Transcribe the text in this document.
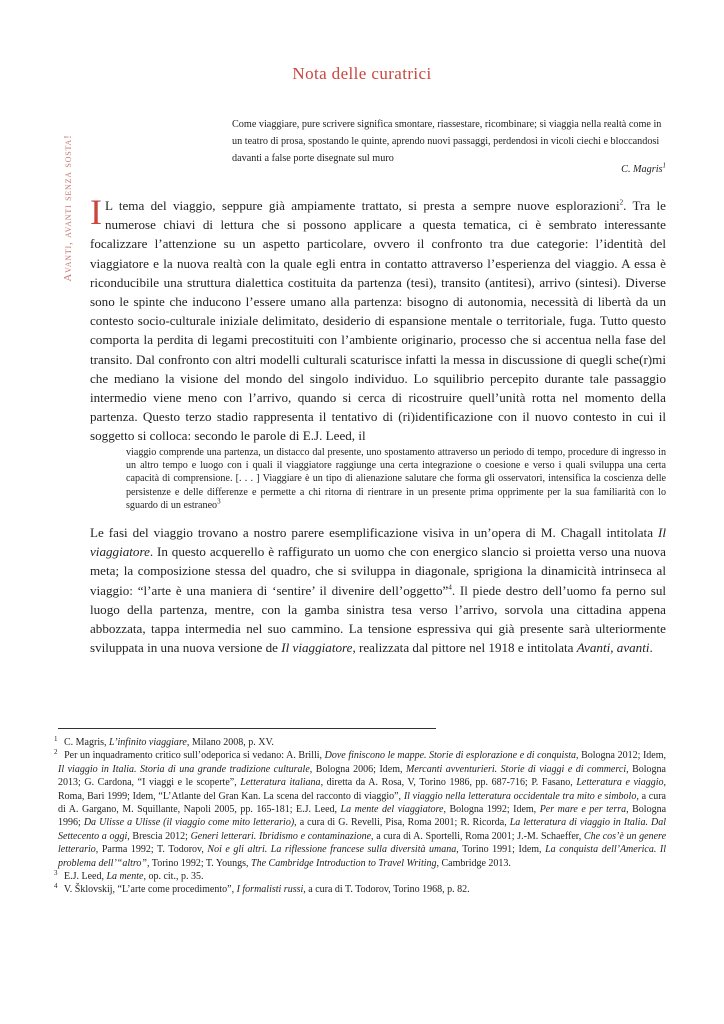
Nota delle curatrici
Avanti, avanti senza sosta!

Come viaggiare, pure scrivere significa smontare, riassestare, ricombinare; si viaggia nella realtà come in un teatro di prosa, spostando le quinte, aprendo nuovi passaggi, perdendosi in vicoli ciechi e bloccandosi davanti a false porte disegnate sul muro

C. Magris$^1$

I L tema del viaggio, seppure già ampiamente trattato, si presta a sempre nuove esplorazioni$^2$. Tra le numerose chiavi di lettura che si possono applicare a questa tematica, ci è sembrato interessante focalizzare l’attenzione su un aspetto particolare, ovvero il confronto tra due categorie: l’identità del viaggiatore e la nuova realtà con la quale egli entra in contatto attraverso l’esperienza del viaggio. A essa è riconducibile una struttura dialettica costituita da partenza (tesi), transito (antitesi), arrivo (sintesi). Diverse sono le spinte che inducono l’essere umano alla partenza: bisogno di autonomia, necessità di libertà da un contesto socio-culturale iniziale delimitato, desiderio di espansione mentale o territoriale, fuga. Tutto questo comporta la perdita di legami precostituiti con l’ambiente originario, processo che si accentua nella fase del transito. Dal confronto con altri modelli culturali scaturisce infatti la messa in discussione di quegli sche(r)mi che mediano la visione del mondo del singolo individuo. Lo squilibrio percepito durante tale passaggio intermedio viene meno con l’arrivo, quando si cerca di ricostruire quell’unità rotta nel momento della partenza. Questo terzo stadio rappresenta il tentativo di (ri)identificazione con il nuovo contesto in cui il soggetto si colloca: secondo le parole di E.J. Leed, il

viaggio comprende una partenza, un distacco dal presente, uno spostamento attraverso un periodo di tempo, procedure di ingresso in un altro tempo e luogo con i quali il viaggiatore raggiunge una certa integrazione o coesione e verso i quali sviluppa una certa capacità di comprensione. [. . . ] Viaggiare è un tipo di alienazione salutare che forma gli osservatori, intensifica la coscienza delle persistenze e delle differenze e permette a chi ritorna di rientrare in un presente prima opprimente per la sua familiarità con lo sguardo di un estraneo$^3$

Le fasi del viaggio trovano a nostro parere esemplificazione visiva in un’opera di M. Chagall intitolata Il viaggiatore. In questo acquerello è raffigurato un uomo che con energico slancio si proietta verso una nuova meta; la composizione stessa del quadro, che si sviluppa in diagonale, sprigiona la dinamicità intrinseca al viaggio: “l’arte è una maniera di ‘sentire’ il divenire dell’oggetto”$^4$. Il piede destro dell’uomo fa perno sul luogo della partenza, mentre, con la gamba sinistra tesa verso l’arrivo, sorvola una cittadina appena abbozzata, tappa intermedia nel suo cammino. La tensione espressiva qui già presente sarà ulteriormente sviluppata in una nuova versione de Il viaggiatore, realizzata dal pittore nel 1918 e intitolata Avanti, avanti.

$^1$ C. Magris, L’infinito viaggiare, Milano 2008, p. XV.
$^2$ Per un inquadramento critico sull’odeporica si vedano: A. Brilli, Dove finiscono le mappe. Storie di esplorazione e di conquista, Bologna 2012; Idem, Il viaggio in Italia. Storia di una grande tradizione culturale, Bologna 2006; Idem, Mercanti avventurieri. Storie di viaggi e di commerci, Bologna 2013; G. Cardona, “I viaggi e le scoperte”, Letteratura italiana, diretta da A. Rosa, V, Torino 1986, pp. 687-716; P. Fasano, Letteratura e viaggio, Roma, Bari 1999; Idem, “L’Atlante del Gran Kan. La scena del racconto di viaggio”, Il viaggio nella letteratura occidentale tra mito e simbolo, a cura di A. Gargano, M. Squillante, Napoli 2005, pp. 165-181; E.J. Leed, La mente del viaggiatore, Bologna 1992; Idem, Per mare e per terra, Bologna 1996; Da Ulisse a Ulisse (il viaggio come mito letterario), a cura di G. Revelli, Pisa, Roma 2001; R. Ricorda, La letteratura di viaggio in Italia. Dal Settecento a oggi, Brescia 2012; Generi letterari. Ibridismo e contaminazione, a cura di A. Sportelli, Roma 2001; J.-M. Schaeffer, Che cos’è un genere letterario, Parma 1992; T. Todorov, Noi e gli altri. La riflessione francese sulla diversità umana, Torino 1991; Idem, La conquista dell’America. Il problema dell’“altro”, Torino 1992; T. Youngs, The Cambridge Introduction to Travel Writing, Cambridge 2013.
$^3$ E.J. Leed, La mente, op. cit., p. 35.
$^4$ V. Šklovskij, “L’arte come procedimento”, I formalisti russi, a cura di T. Todorov, Torino 1968, p. 82.
